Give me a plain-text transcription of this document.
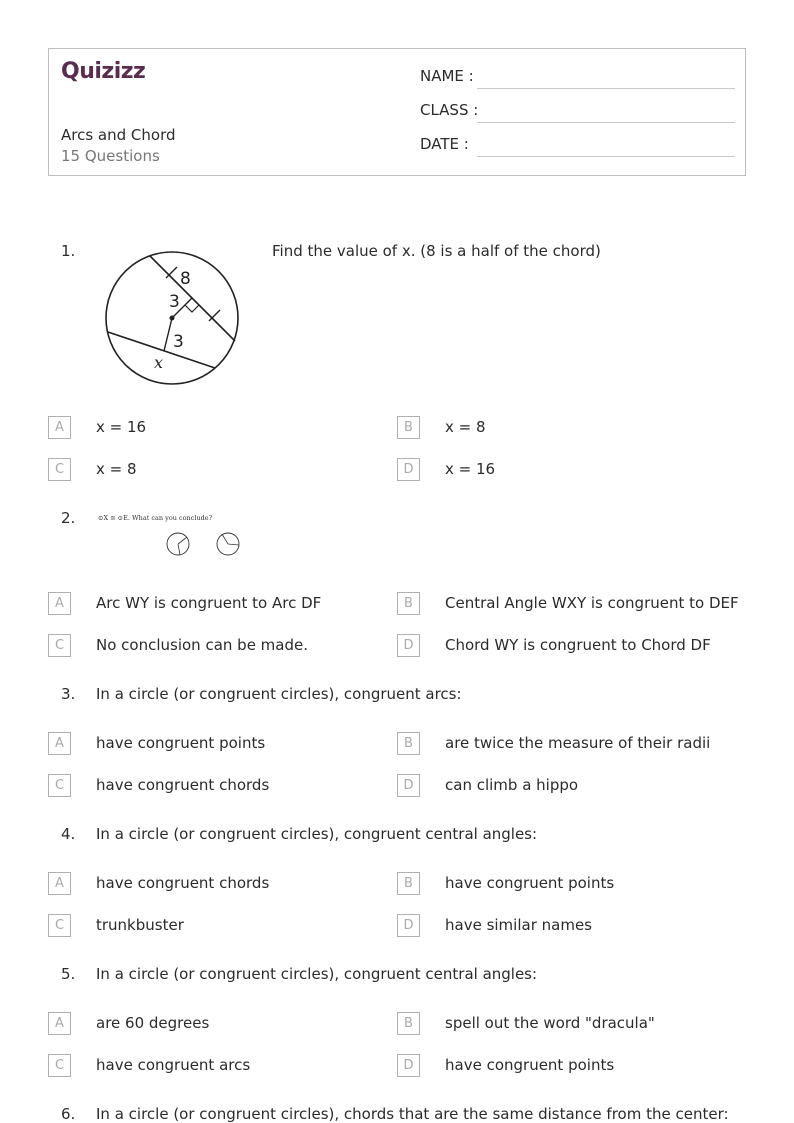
Quizizz
Arcs and Chord
15 Questions
NAME :
CLASS :
DATE :
1.
8
3
3
x
Find the value of x. (8 is a half of the chord)
A	x = 16	B	x = 8
C	x = 8	D	x = 16
2.	⊙X ≅ ⊙E. What can you conclude?
A	Arc WY is congruent to Arc DF	B	Central Angle WXY is congruent to DEF
C	No conclusion can be made.	D	Chord WY is congruent to Chord DF
3. In a circle (or congruent circles), congruent arcs:
A	have congruent points	B	are twice the measure of their radii
C	have congruent chords	D	can climb a hippo
4. In a circle (or congruent circles), congruent central angles:
A	have congruent chords	B	have congruent points
C	trunkbuster	D	have similar names
5. In a circle (or congruent circles), congruent central angles:
A	are 60 degrees	B	spell out the word "dracula"
C	have congruent arcs	D	have congruent points
6. In a circle (or congruent circles), chords that are the same distance from the center:
